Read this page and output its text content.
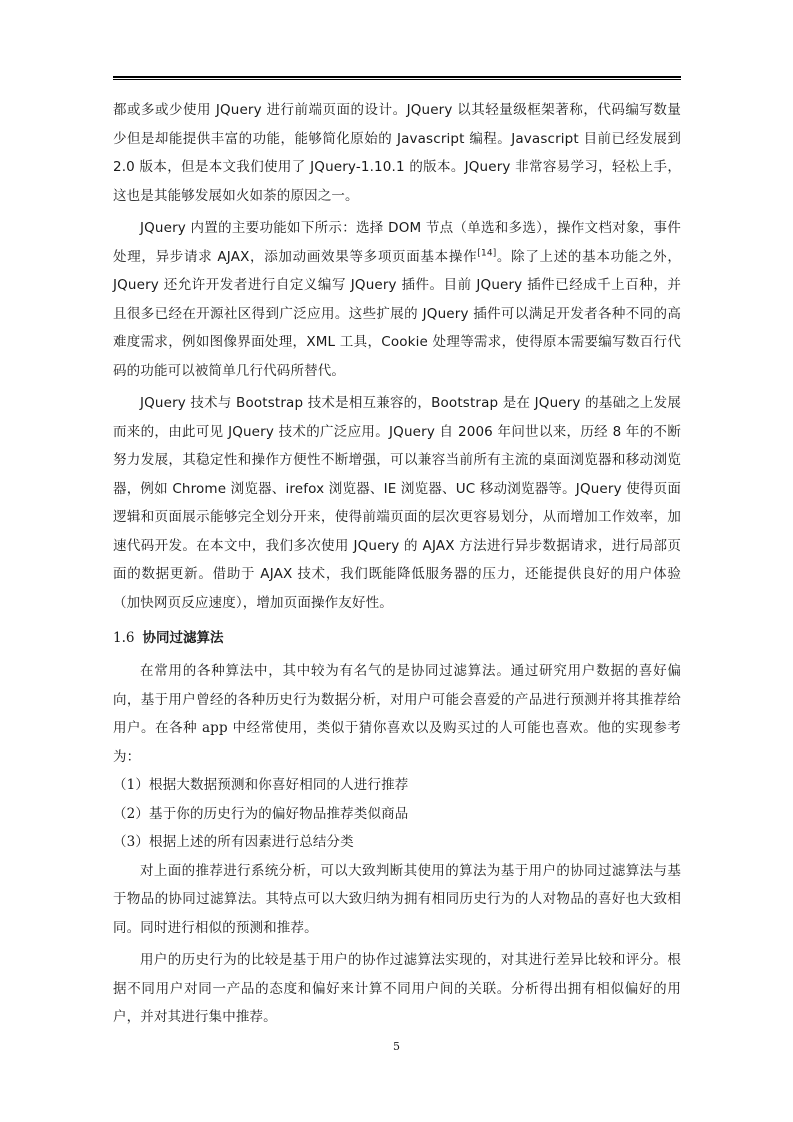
都或多或少使用 JQuery 进行前端页面的设计。JQuery 以其轻量级框架著称，代码编写数量少但是却能提供丰富的功能，能够简化原始的 Javascript 编程。Javascript 目前已经发展到 2.0 版本，但是本文我们使用了 JQuery-1.10.1 的版本。JQuery 非常容易学习，轻松上手，这也是其能够发展如火如荼的原因之一。

JQuery 内置的主要功能如下所示：选择 DOM 节点（单选和多选），操作文档对象，事件处理，异步请求 AJAX，添加动画效果等多项页面基本操作[14]。除了上述的基本功能之外，JQuery 还允许开发者进行自定义编写 JQuery 插件。目前 JQuery 插件已经成千上百种，并且很多已经在开源社区得到广泛应用。这些扩展的 JQuery 插件可以满足开发者各种不同的高难度需求，例如图像界面处理，XML 工具，Cookie 处理等需求，使得原本需要编写数百行代码的功能可以被简单几行代码所替代。

JQuery 技术与 Bootstrap 技术是相互兼容的，Bootstrap 是在 JQuery 的基础之上发展而来的，由此可见 JQuery 技术的广泛应用。JQuery 自 2006 年问世以来，历经 8 年的不断努力发展，其稳定性和操作方便性不断增强，可以兼容当前所有主流的桌面浏览器和移动浏览器，例如 Chrome 浏览器、irefox 浏览器、IE 浏览器、UC 移动浏览器等。JQuery 使得页面逻辑和页面展示能够完全划分开来，使得前端页面的层次更容易划分，从而增加工作效率，加速代码开发。在本文中，我们多次使用 JQuery 的 AJAX 方法进行异步数据请求，进行局部页面的数据更新。借助于 AJAX 技术，我们既能降低服务器的压力，还能提供良好的用户体验（加快网页反应速度），增加页面操作友好性。

1.6 协同过滤算法

在常用的各种算法中，其中较为有名气的是协同过滤算法。通过研究用户数据的喜好偏向，基于用户曾经的各种历史行为数据分析，对用户可能会喜爱的产品进行预测并将其推荐给用户。在各种 app 中经常使用，类似于猜你喜欢以及购买过的人可能也喜欢。他的实现参考为：

（1）根据大数据预测和你喜好相同的人进行推荐

（2）基于你的历史行为的偏好物品推荐类似商品

（3）根据上述的所有因素进行总结分类

对上面的推荐进行系统分析，可以大致判断其使用的算法为基于用户的协同过滤算法与基于物品的协同过滤算法。其特点可以大致归纳为拥有相同历史行为的人对物品的喜好也大致相同。同时进行相似的预测和推荐。

用户的历史行为的比较是基于用户的协作过滤算法实现的，对其进行差异比较和评分。根据不同用户对同一产品的态度和偏好来计算不同用户间的关联。分析得出拥有相似偏好的用户，并对其进行集中推荐。

5
